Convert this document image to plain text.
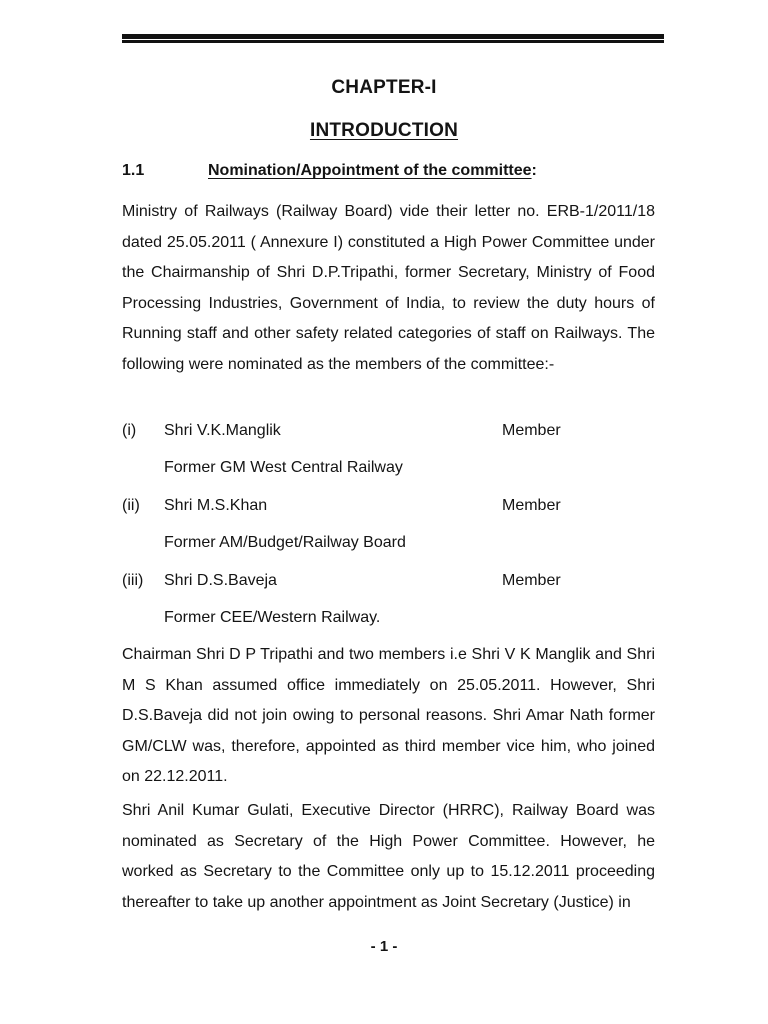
CHAPTER-I
INTRODUCTION
1.1	Nomination/Appointment of the committee:
Ministry of Railways (Railway Board) vide their letter no. ERB-1/2011/18 dated 25.05.2011 ( Annexure I) constituted a High Power Committee under the Chairmanship of Shri D.P.Tripathi, former Secretary, Ministry of Food Processing Industries, Government of India, to review the duty hours of Running staff and other safety related categories of staff on Railways. The following were nominated as the members of the committee:-
(i) Shri V.K.Manglik	Member
Former GM West Central Railway
(ii) Shri M.S.Khan	Member
Former AM/Budget/Railway Board
(iii) Shri D.S.Baveja	Member
Former CEE/Western Railway.
Chairman Shri D P Tripathi and two members i.e Shri V K Manglik and Shri M S Khan assumed office immediately on 25.05.2011. However, Shri D.S.Baveja did not join owing to personal reasons. Shri Amar Nath former GM/CLW was, therefore, appointed as third member vice him, who joined on 22.12.2011.
Shri Anil Kumar Gulati, Executive Director (HRRC), Railway Board was nominated as Secretary of the High Power Committee. However, he worked as Secretary to the Committee only up to 15.12.2011 proceeding thereafter to take up another appointment as Joint Secretary (Justice) in
- 1 -
